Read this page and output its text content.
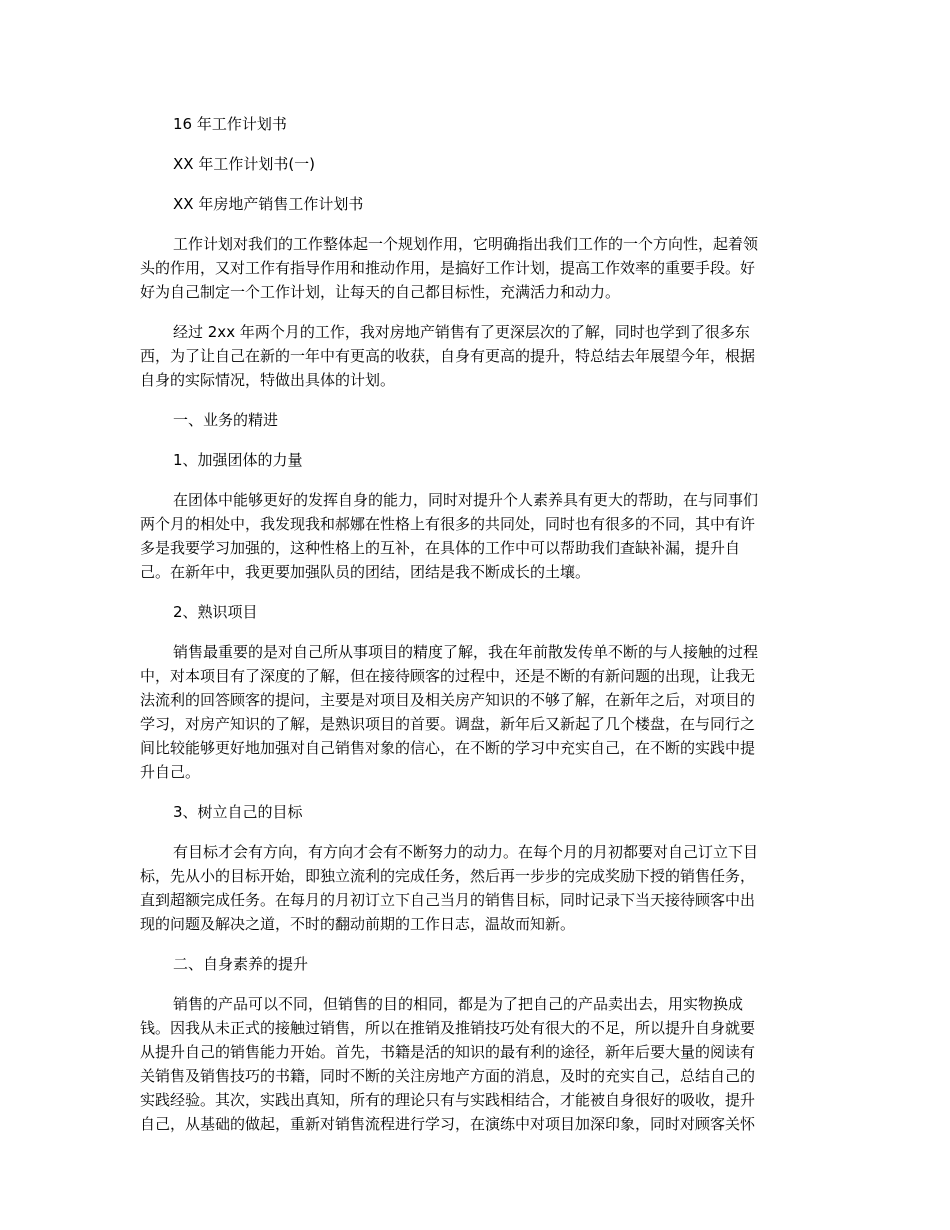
16 年工作计划书
XX 年工作计划书(一)
XX 年房地产销售工作计划书
工作计划对我们的工作整体起一个规划作用，它明确指出我们工作的一个方向性，起着领
头的作用，又对工作有指导作用和推动作用，是搞好工作计划，提高工作效率的重要手段。好
好为自己制定一个工作计划，让每天的自己都目标性，充满活力和动力。
经过 2xx 年两个月的工作，我对房地产销售有了更深层次的了解，同时也学到了很多东
西，为了让自己在新的一年中有更高的收获，自身有更高的提升，特总结去年展望今年，根据
自身的实际情况，特做出具体的计划。
一、业务的精进
1、加强团体的力量
在团体中能够更好的发挥自身的能力，同时对提升个人素养具有更大的帮助，在与同事们
两个月的相处中，我发现我和郝娜在性格上有很多的共同处，同时也有很多的不同，其中有许
多是我要学习加强的，这种性格上的互补，在具体的工作中可以帮助我们查缺补漏，提升自
己。在新年中，我更要加强队员的团结，团结是我不断成长的土壤。
2、熟识项目
销售最重要的是对自己所从事项目的精度了解，我在年前散发传单不断的与人接触的过程
中，对本项目有了深度的了解，但在接待顾客的过程中，还是不断的有新问题的出现，让我无
法流利的回答顾客的提问，主要是对项目及相关房产知识的不够了解，在新年之后，对项目的
学习，对房产知识的了解，是熟识项目的首要。调盘，新年后又新起了几个楼盘，在与同行之
间比较能够更好地加强对自己销售对象的信心，在不断的学习中充实自己，在不断的实践中提
升自己。
3、树立自己的目标
有目标才会有方向，有方向才会有不断努力的动力。在每个月的月初都要对自己订立下目
标，先从小的目标开始，即独立流利的完成任务，然后再一步步的完成奖励下授的销售任务，
直到超额完成任务。在每月的月初订立下自己当月的销售目标，同时记录下当天接待顾客中出
现的问题及解决之道，不时的翻动前期的工作日志，温故而知新。
二、自身素养的提升
销售的产品可以不同，但销售的目的相同，都是为了把自己的产品卖出去，用实物换成
钱。因我从未正式的接触过销售，所以在推销及推销技巧处有很大的不足，所以提升自身就要
从提升自己的销售能力开始。首先，书籍是活的知识的最有利的途径，新年后要大量的阅读有
关销售及销售技巧的书籍，同时不断的关注房地产方面的消息，及时的充实自己，总结自己的
实践经验。其次，实践出真知，所有的理论只有与实践相结合，才能被自身很好的吸收，提升
自己，从基础的做起，重新对销售流程进行学习，在演练中对项目加深印象，同时对顾客关怀
